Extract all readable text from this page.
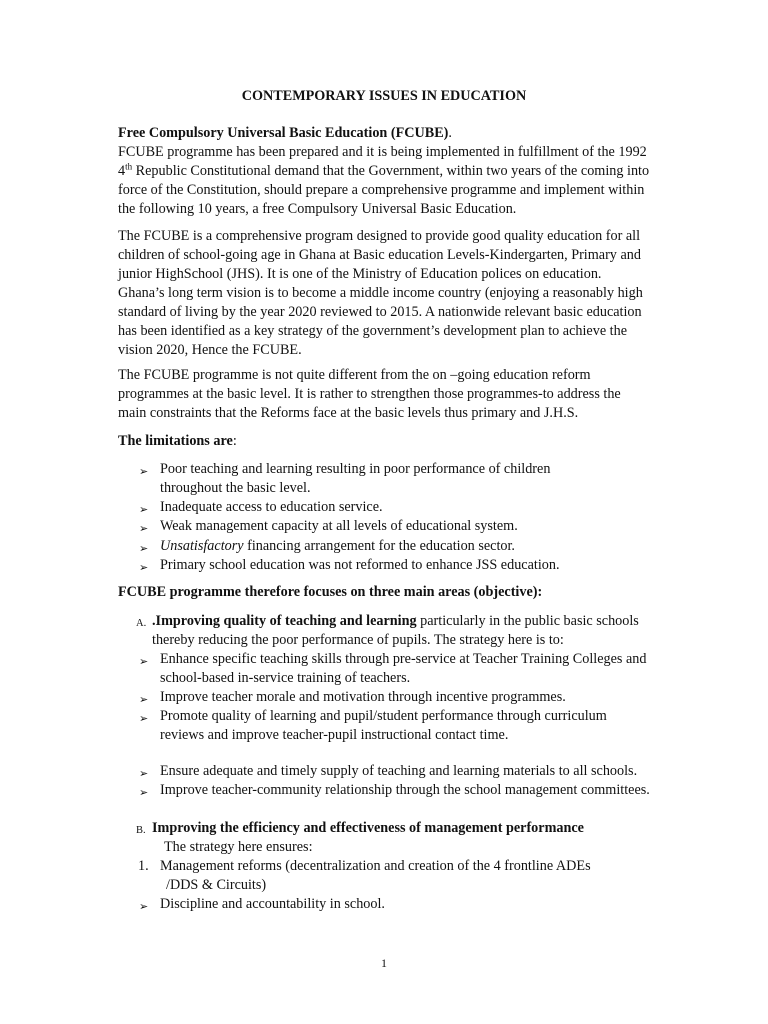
CONTEMPORARY ISSUES IN EDUCATION
Free Compulsory Universal Basic Education (FCUBE).
FCUBE programme has been prepared and it is being implemented in fulfillment of the 1992
4th Republic Constitutional demand that the Government, within two years of the coming into
force of the Constitution, should prepare a comprehensive programme and implement within
the following 10 years, a free Compulsory Universal Basic Education.
The FCUBE is a comprehensive program designed to provide good quality education for all
children of school-going age in Ghana at Basic education Levels-Kindergarten, Primary and
junior HighSchool (JHS). It is one of the Ministry of Education polices on education.
Ghana’s long term vision is to become a middle income country (enjoying a reasonably high
standard of living by the year 2020 reviewed to 2015. A nationwide relevant basic education
has been identified as a key strategy of the government’s development plan to achieve the
vision 2020, Hence the FCUBE.
The FCUBE programme is not quite different from the on –going education reform
programmes at the basic level. It is rather to strengthen those programmes-to address the
main constraints that the Reforms face at the basic levels thus primary and J.H.S.
The limitations are:
➢ Poor teaching and learning resulting in poor performance of children
throughout the basic level.
➢ Inadequate access to education service.
➢ Weak management capacity at all levels of educational system.
➢ Unsatisfactory financing arrangement for the education sector.
➢ Primary school education was not reformed to enhance JSS education.
FCUBE programme therefore focuses on three main areas (objective):
A. .Improving quality of teaching and learning particularly in the public basic schools
thereby reducing the poor performance of pupils. The strategy here is to:
➢ Enhance specific teaching skills through pre-service at Teacher Training Colleges and
school-based in-service training of teachers.
➢ Improve teacher morale and motivation through incentive programmes.
➢ Promote quality of learning and pupil/student performance through curriculum
reviews and improve teacher-pupil instructional contact time.
➢ Ensure adequate and timely supply of teaching and learning materials to all schools.
➢ Improve teacher-community relationship through the school management committees.
B. Improving the efficiency and effectiveness of management performance
The strategy here ensures:
1. Management reforms (decentralization and creation of the 4 frontline ADEs
/DDS & Circuits)
➢ Discipline and accountability in school.
1
